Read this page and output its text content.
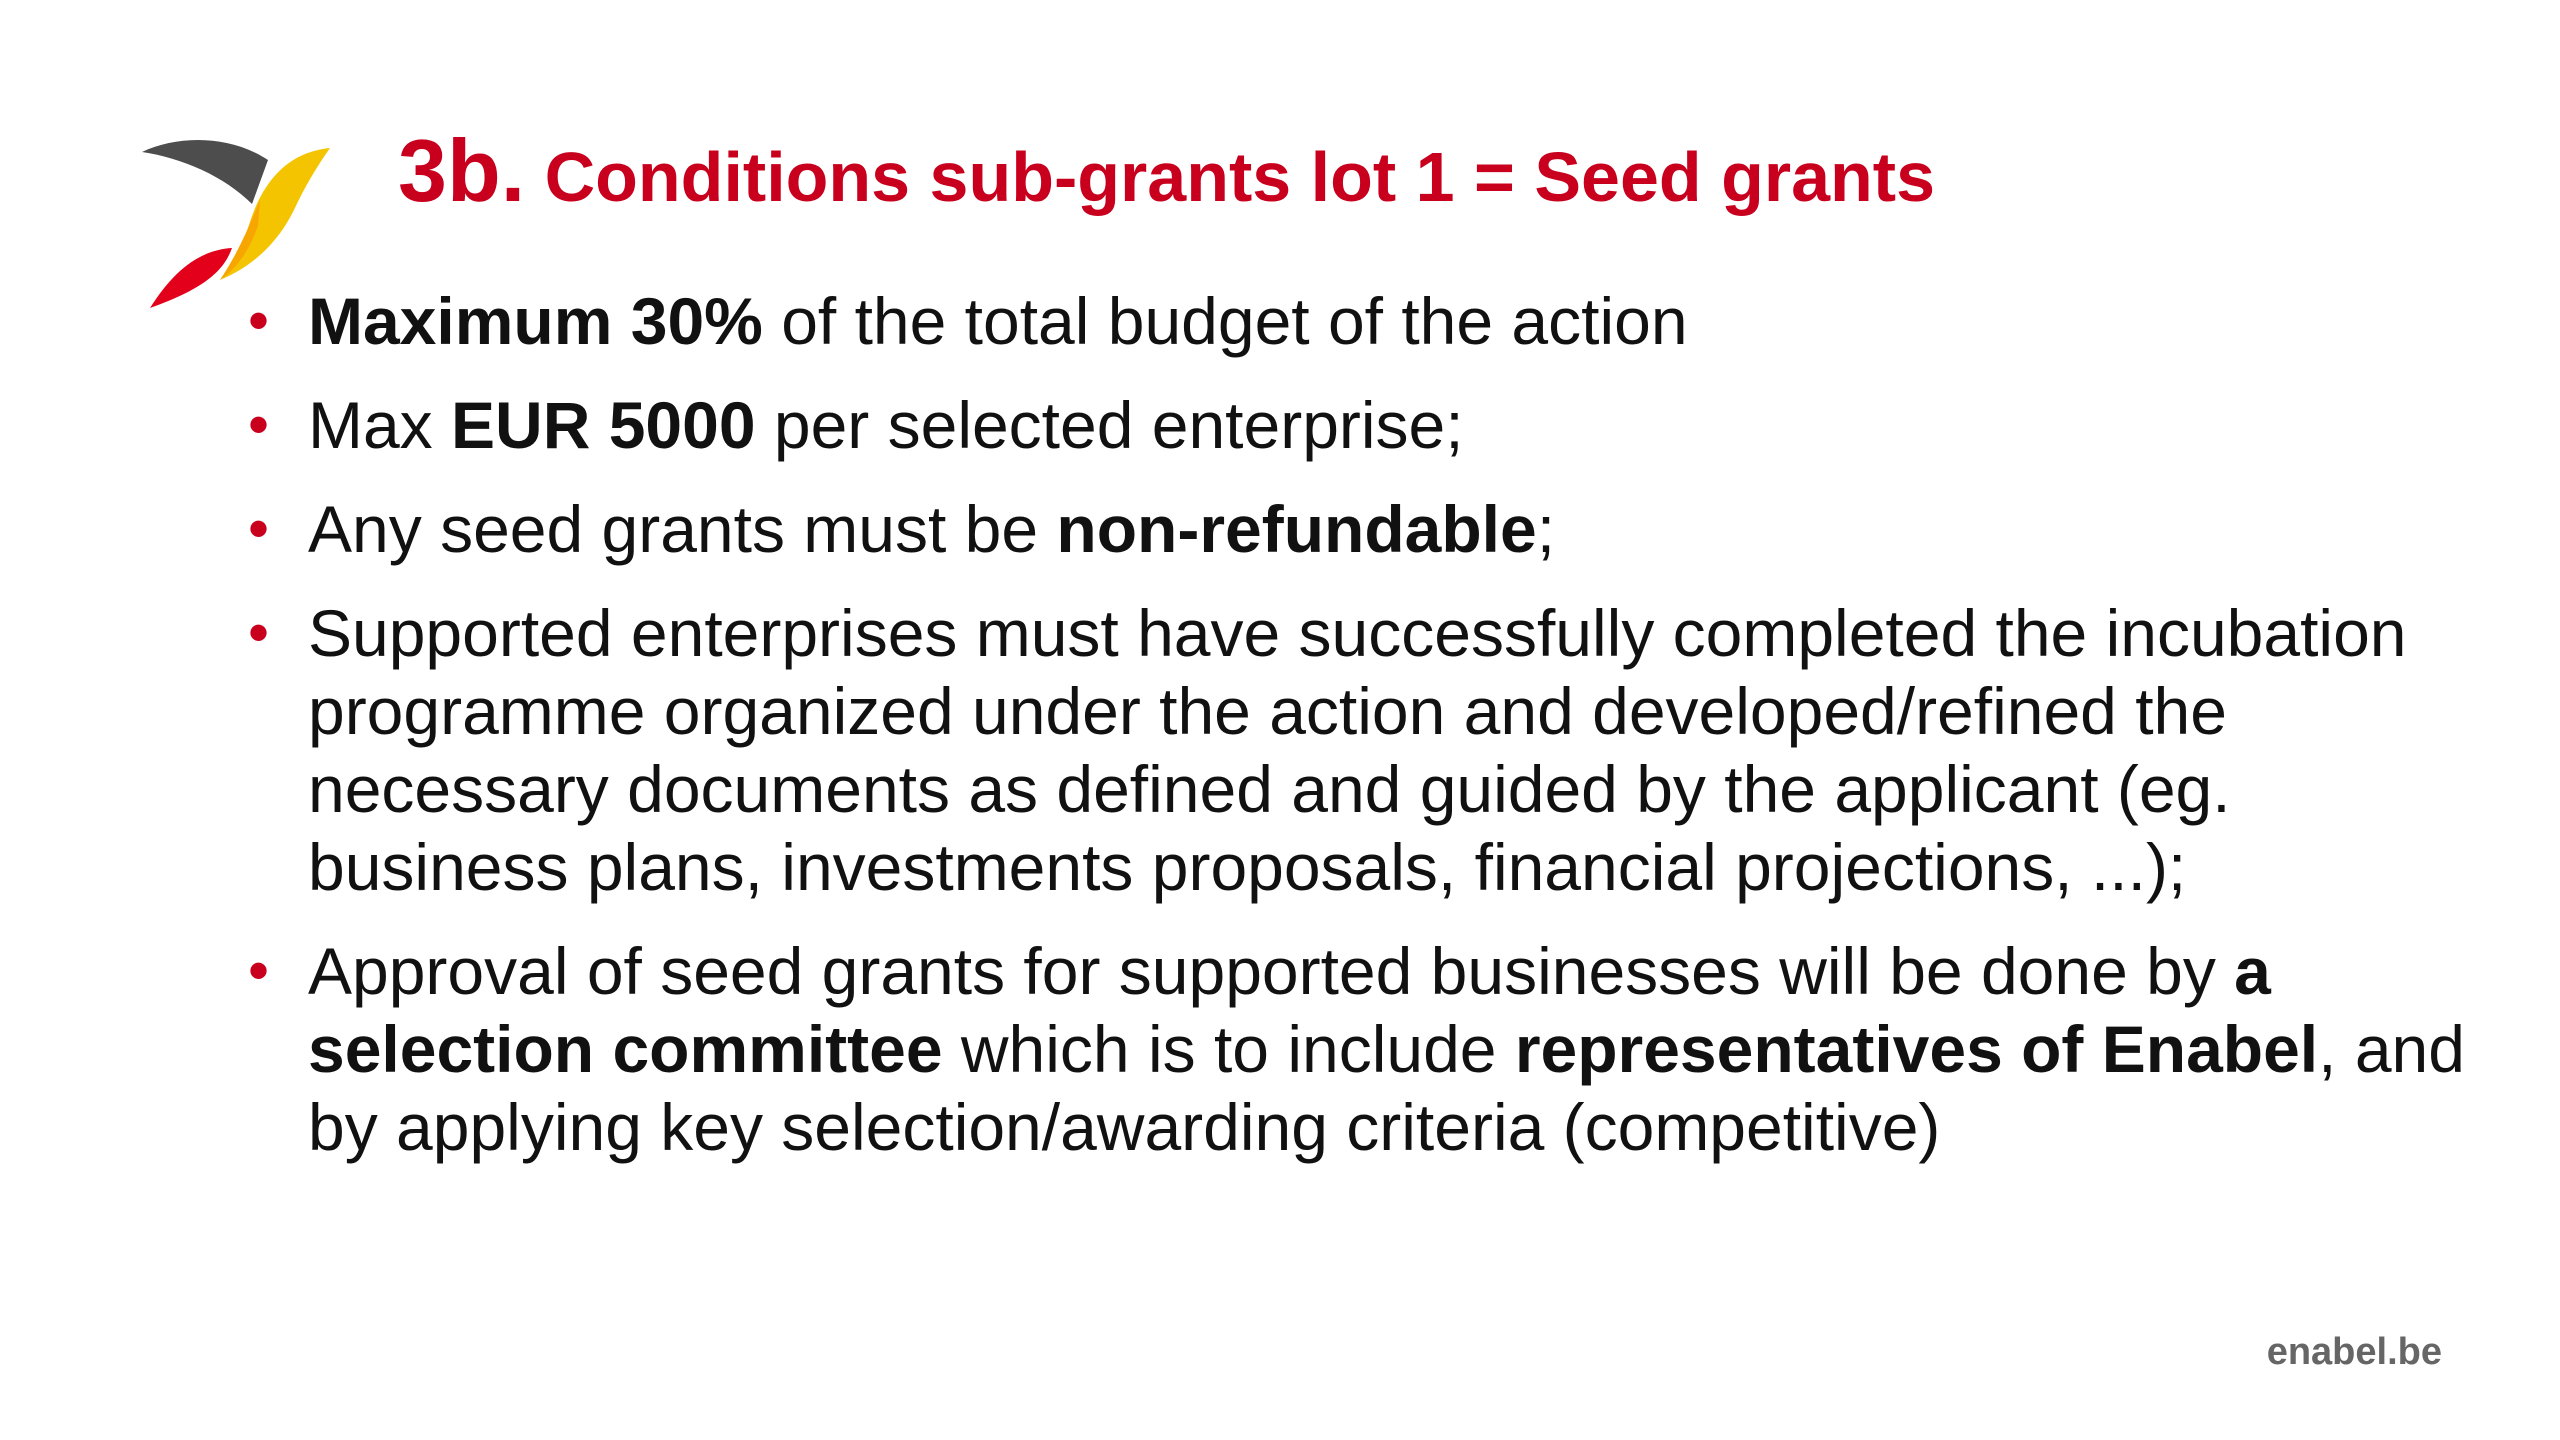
3b. Conditions sub-grants lot 1 = Seed grants
• Maximum 30% of the total budget of the action
• Max EUR 5000 per selected enterprise;
• Any seed grants must be non-refundable;
• Supported enterprises must have successfully completed the incubation programme organized under the action and developed/refined the necessary documents as defined and guided by the applicant (eg. business plans, investments proposals, financial projections, ...);
• Approval of seed grants for supported businesses will be done by a selection committee which is to include representatives of Enabel, and by applying key selection/awarding criteria (competitive)
enabel.be
